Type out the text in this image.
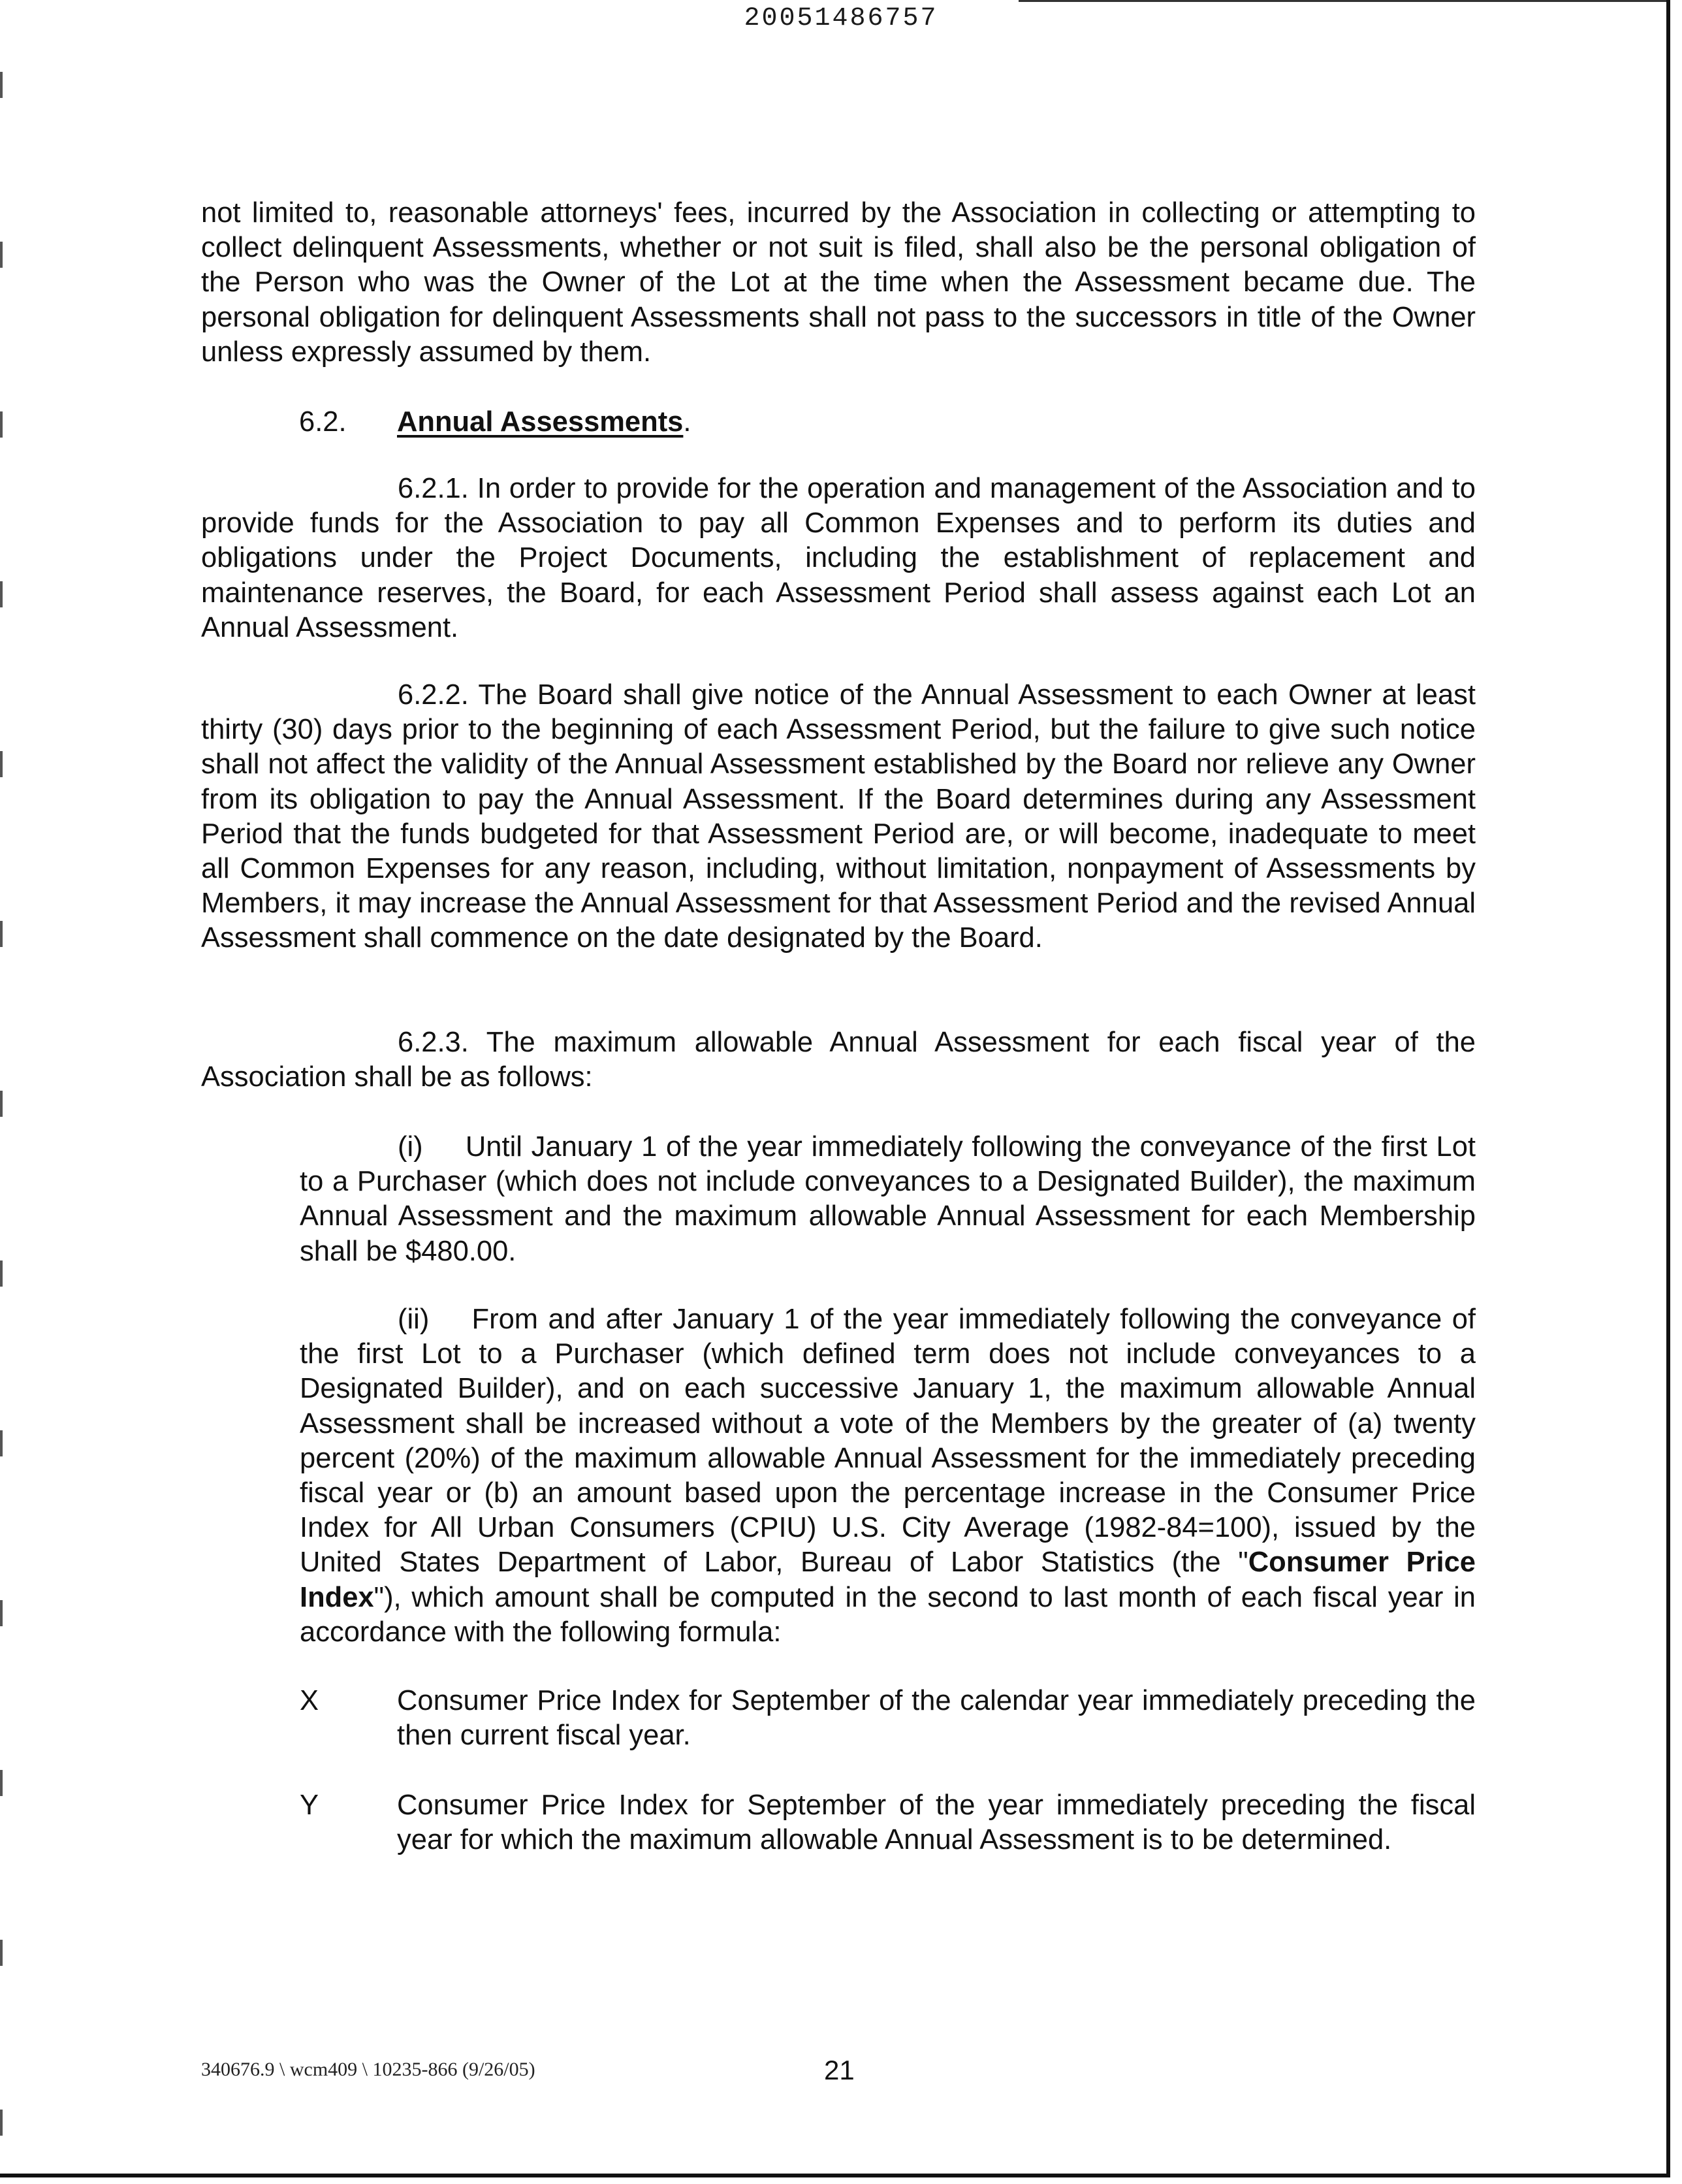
20051486757

not limited to, reasonable attorneys' fees, incurred by the Association in collecting or attempting to collect delinquent Assessments, whether or not suit is filed, shall also be the personal obligation of the Person who was the Owner of the Lot at the time when the Assessment became due. The personal obligation for delinquent Assessments shall not pass to the successors in title of the Owner unless expressly assumed by them.

6.2. Annual Assessments.

6.2.1. In order to provide for the operation and management of the Association and to provide funds for the Association to pay all Common Expenses and to perform its duties and obligations under the Project Documents, including the establishment of replacement and maintenance reserves, the Board, for each Assessment Period shall assess against each Lot an Annual Assessment.

6.2.2. The Board shall give notice of the Annual Assessment to each Owner at least thirty (30) days prior to the beginning of each Assessment Period, but the failure to give such notice shall not affect the validity of the Annual Assessment established by the Board nor relieve any Owner from its obligation to pay the Annual Assessment. If the Board determines during any Assessment Period that the funds budgeted for that Assessment Period are, or will become, inadequate to meet all Common Expenses for any reason, including, without limitation, nonpayment of Assessments by Members, it may increase the Annual Assessment for that Assessment Period and the revised Annual Assessment shall commence on the date designated by the Board.

6.2.3. The maximum allowable Annual Assessment for each fiscal year of the Association shall be as follows:

(i)  Until January 1 of the year immediately following the conveyance of the first Lot to a Purchaser (which does not include conveyances to a Designated Builder), the maximum Annual Assessment and the maximum allowable Annual Assessment for each Membership shall be $480.00.

(ii)  From and after January 1 of the year immediately following the conveyance of the first Lot to a Purchaser (which defined term does not include conveyances to a Designated Builder), and on each successive January 1, the maximum allowable Annual Assessment shall be increased without a vote of the Members by the greater of (a) twenty percent (20%) of the maximum allowable Annual Assessment for the immediately preceding fiscal year or (b) an amount based upon the percentage increase in the Consumer Price Index for All Urban Consumers (CPIU) U.S. City Average (1982-84=100), issued by the United States Department of Labor, Bureau of Labor Statistics (the "Consumer Price Index"), which amount shall be computed in the second to last month of each fiscal year in accordance with the following formula:

X	Consumer Price Index for September of the calendar year immediately preceding the then current fiscal year.
Y	Consumer Price Index for September of the year immediately preceding the fiscal year for which the maximum allowable Annual Assessment is to be determined.
340676.9 \ wcm409 \ 10235-866 (9/26/05)	21
